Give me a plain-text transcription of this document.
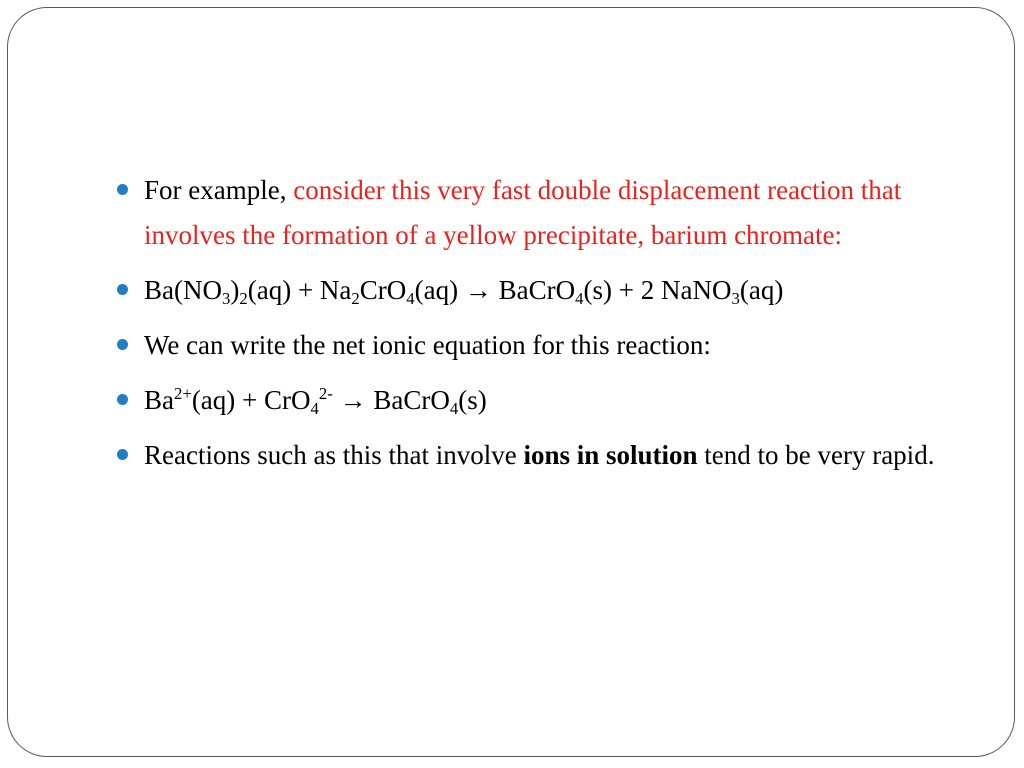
For example, consider this very fast double displacement reaction that involves the formation of a yellow precipitate, barium chromate:
$Ba(NO_3)_2(aq) + Na_2CrO_4(aq)$ → BaCrO$_4$(s) + 2 NaNO$_3$(aq)
We can write the net ionic equation for this reaction:
$Ba^{2+}(aq) + CrO_4^{2-}$ → BaCrO$_4$(s)
Reactions such as this that involve ions in solution tend to be very rapid.
